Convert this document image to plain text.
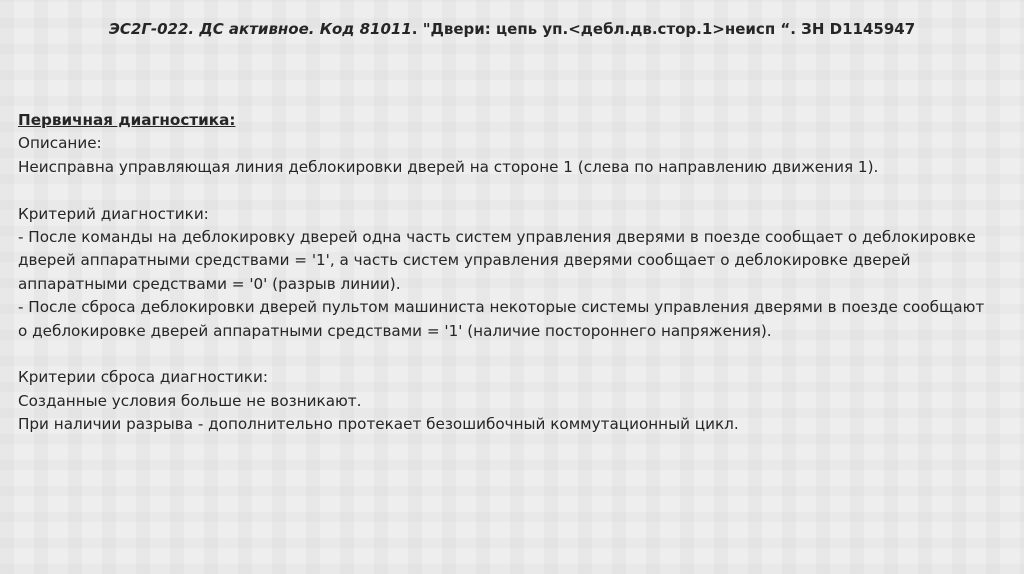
ЭС2Г-022. ДС активное. Код 81011. "Двери: цепь уп.<дебл.дв.стор.1>неисп “. ЗН D1145947
Первичная диагностика:
Описание:
Неисправна управляющая линия деблокировки дверей на стороне 1 (слева по направлению движения 1).
Критерий диагностики:
- После команды на деблокировку дверей одна часть систем управления дверями в поезде сообщает о деблокировке
дверей аппаратными средствами = '1', а часть систем управления дверями сообщает о деблокировке дверей
аппаратными средствами = '0' (разрыв линии).
- После сброса деблокировки дверей пультом машиниста некоторые системы управления дверями в поезде сообщают
о деблокировке дверей аппаратными средствами = '1' (наличие постороннего напряжения).
Критерии сброса диагностики:
Созданные условия больше не возникают.
При наличии разрыва - дополнительно протекает безошибочный коммутационный цикл.
